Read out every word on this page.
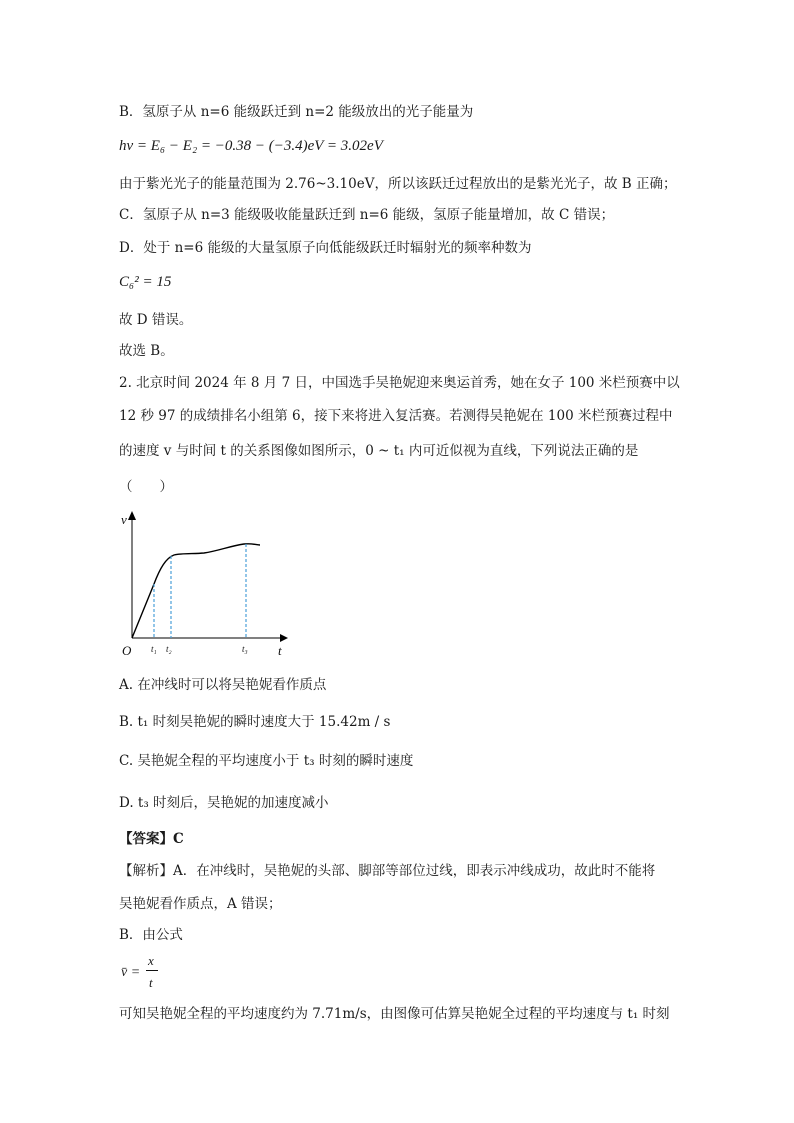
B．氢原子从 n=6 能级跃迁到 n=2 能级放出的光子能量为
hν = E₆ − E₂ = −0.38 − (−3.4)eV = 3.02eV
由于紫光光子的能量范围为 2.76~3.10eV，所以该跃迁过程放出的是紫光光子，故 B 正确；
C．氢原子从 n=3 能级吸收能量跃迁到 n=6 能级，氢原子能量增加，故 C 错误；
D．处于 n=6 能级的大量氢原子向低能级跃迁时辐射光的频率种数为
C₆² = 15
故 D 错误。
故选 B。
2. 北京时间 2024 年 8 月 7 日，中国选手吴艳妮迎来奥运首秀，她在女子 100 米栏预赛中以
12 秒 97 的成绩排名小组第 6，接下来将进入复活赛。若测得吴艳妮在 100 米栏预赛过程中
的速度 v 与时间 t 的关系图像如图所示，0 ~ t₁ 内可近似视为直线，下列说法正确的是
（　　）
v
t
O t₁ t₂	t₃
A. 在冲线时可以将吴艳妮看作质点
B. t₁ 时刻吴艳妮的瞬时速度大于 15.42m / s
C. 吴艳妮全程的平均速度小于 t₃ 时刻的瞬时速度
D. t₃ 时刻后，吴艳妮的加速度减小
【答案】C
【解析】A．在冲线时，吴艳妮的头部、脚部等部位过线，即表示冲线成功，故此时不能将
吴艳妮看作质点，A 错误；
B．由公式
v̄ =
x
t
可知吴艳妮全程的平均速度约为 7.71m/s，由图像可估算吴艳妮全过程的平均速度与 t₁ 时刻
